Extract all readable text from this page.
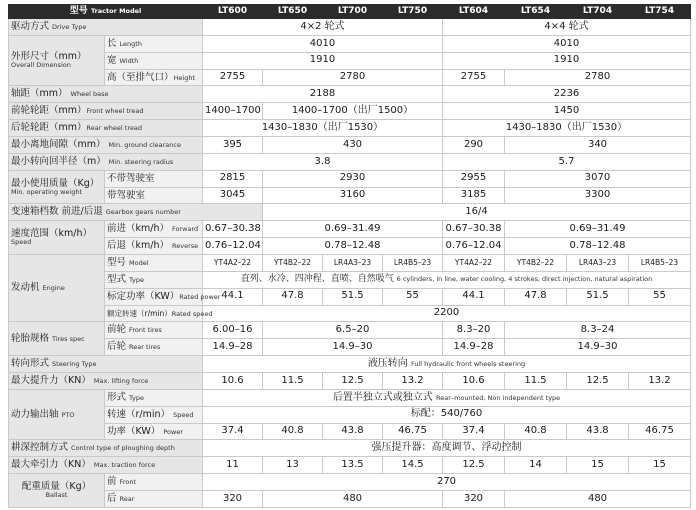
型号 Tractor Model		LT600	LT650	LT700	LT750	LT604	LT654	LT704	LT754
驱动方式 Drive Type		4×2 轮式				4×4 轮式			

外形尺寸（mm）
Overall Dimension	长 Length	4010				4010			
	宽 Width	1910				1910			
	高（至排气口）Height	2755	2780			2755	2780		
轴距（mm） Wheel base		2188				2236			
前轮轮距（mm）Front wheel tread		1400–1700	1400–1700（出厂1500）			1450			
后轮轮距（mm）Rear wheel tread		1430–1830（出厂1530）				1430–1830（出厂1530）			
最小离地间隙（mm） Min. ground clearance		395	430			290	340		
最小转向回半径（m） Min. steering radius		3.8				5.7			

最小使用质量（Kg）
Min. operating weight	不带驾驶室	2815	2930			2955	3070		
	带驾驶室	3045	3160			3185	3300		
变速箱档数 前进/后退 Gearbox gears number			16/4						

速度范围（km/h）
Speed	前进（km/h） Forward	0.67–30.38	0.69–31.49			0.67–30.38	0.69–31.49		
	后退（km/h） Reverse	0.76–12.04	0.78–12.48			0.76–12.04	0.78–12.48		
发动机 Engine	型号 Model	YT4A2–22	YT4B2–22	LR4A3–23	LR4B5–23	YT4A2–22	YT4B2–22	LR4A3–23	LR4B5–23
	型式 Type	直列、水冷、四冲程、直喷、自然吸气 6 cylinders, in line, water cooling, 4 strokes, direct injection, natural aspiration							
	标定功率（KW）Rated power	44.1	47.8	51.5	55	44.1	47.8	51.5	55
	额定转速（r/min）Rated speed	2200							
轮胎规格 Tires spec	前轮 Front tires	6.00–16	6.5–20			8.3–20	8.3–24		
	后轮 Rear tires	14.9–28	14.9–30			14.9–28	14.9–30		
转向形式 Steering Type		液压转向 Full hydraulic front wheels steering							
最大提升力（KN） Max. lifting force		10.6	11.5	12.5	13.2	10.6	11.5	12.5	13.2
动力输出轴 PTO	形式 Type	后置半独立式或独立式 Rear–mounted, Non independent type							
	转速（r/min） Speed	标配：540/760							
	功率（KW） Power	37.4	40.8	43.8	46.75	37.4	40.8	43.8	46.75
耕深控制方式 Control type of ploughing depth		强压提升器：高度调节、浮动控制							
最大牵引力（KN） Max. traction force		11	13	13.5	14.5	12.5	14	15	15

配重质量（Kg）
Ballast	前 Front	270							
	后 Rear	320	480			320	480		
